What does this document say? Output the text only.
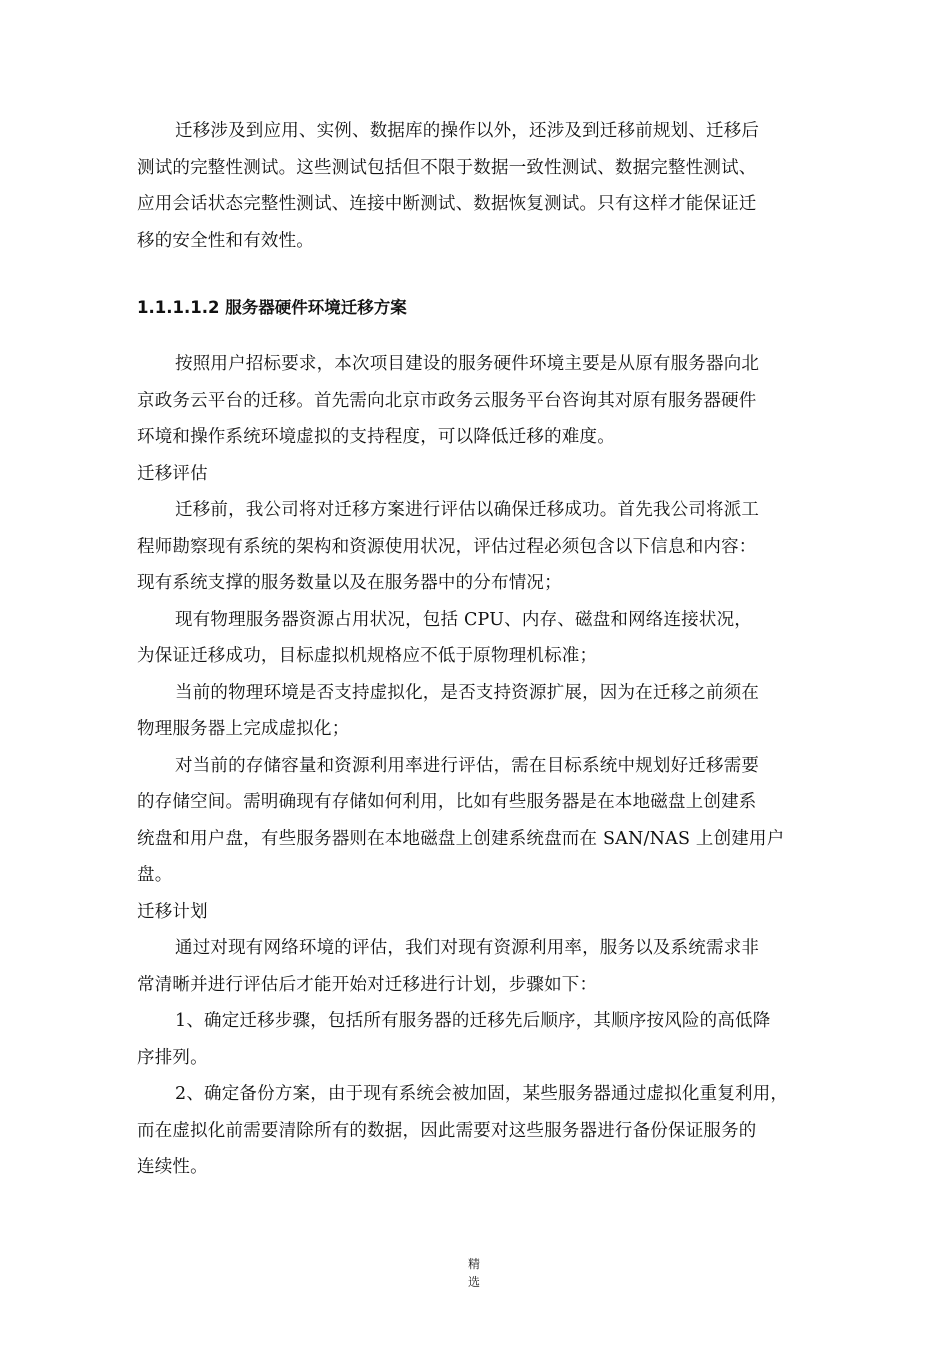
迁移涉及到应用、实例、数据库的操作以外，还涉及到迁移前规划、迁移后
测试的完整性测试。这些测试包括但不限于数据一致性测试、数据完整性测试、
应用会话状态完整性测试、连接中断测试、数据恢复测试。只有这样才能保证迁
移的安全性和有效性。
1.1.1.1.2 服务器硬件环境迁移方案
按照用户招标要求，本次项目建设的服务硬件环境主要是从原有服务器向北
京政务云平台的迁移。首先需向北京市政务云服务平台咨询其对原有服务器硬件
环境和操作系统环境虚拟的支持程度，可以降低迁移的难度。
迁移评估
迁移前，我公司将对迁移方案进行评估以确保迁移成功。首先我公司将派工
程师勘察现有系统的架构和资源使用状况，评估过程必须包含以下信息和内容：
现有系统支撑的服务数量以及在服务器中的分布情况；
现有物理服务器资源占用状况，包括 CPU、内存、磁盘和网络连接状况，
为保证迁移成功，目标虚拟机规格应不低于原物理机标准；
当前的物理环境是否支持虚拟化，是否支持资源扩展，因为在迁移之前须在
物理服务器上完成虚拟化；
对当前的存储容量和资源利用率进行评估，需在目标系统中规划好迁移需要
的存储空间。需明确现有存储如何利用，比如有些服务器是在本地磁盘上创建系
统盘和用户盘，有些服务器则在本地磁盘上创建系统盘而在 SAN/NAS 上创建用户
盘。
迁移计划
通过对现有网络环境的评估，我们对现有资源利用率，服务以及系统需求非
常清晰并进行评估后才能开始对迁移进行计划，步骤如下：
1、确定迁移步骤，包括所有服务器的迁移先后顺序，其顺序按风险的高低降
序排列。
2、确定备份方案，由于现有系统会被加固，某些服务器通过虚拟化重复利用，
而在虚拟化前需要清除所有的数据，因此需要对这些服务器进行备份保证服务的
连续性。
精
选
